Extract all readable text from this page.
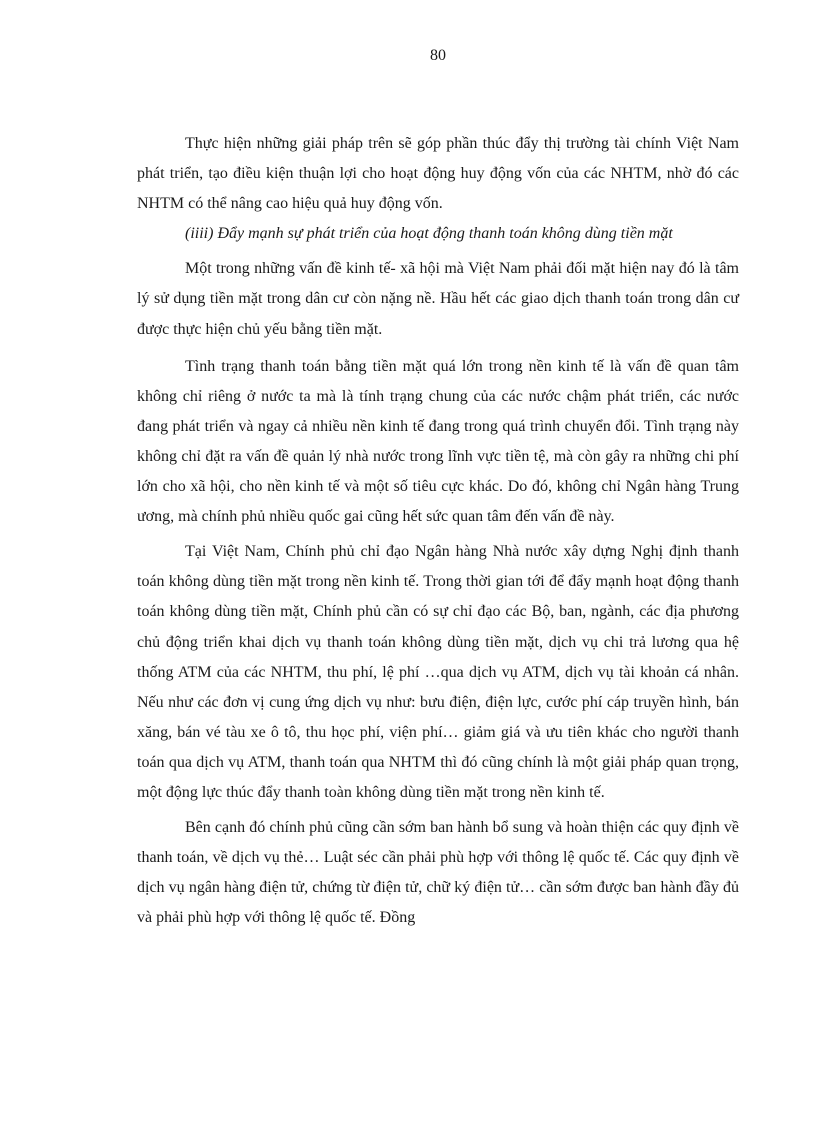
80

Thực hiện những giải pháp trên sẽ góp phần thúc đẩy thị trường tài chính Việt Nam phát triển, tạo điều kiện thuận lợi cho hoạt động huy động vốn của các NHTM, nhờ đó các NHTM có thể nâng cao hiệu quả huy động vốn.

(iiii) Đẩy mạnh sự phát triển của hoạt động thanh toán không dùng tiền mặt

Một trong những vấn đề kinh tế- xã hội mà Việt Nam phải đối mặt hiện nay đó là tâm lý sử dụng tiền mặt trong dân cư còn nặng nề. Hầu hết các giao dịch thanh toán trong dân cư được thực hiện chủ yếu bằng tiền mặt.

Tình trạng thanh toán bằng tiền mặt quá lớn trong nền kinh tế là vấn đề quan tâm không chỉ riêng ở nước ta mà là tính trạng chung của các nước chậm phát triển, các nước đang phát triển và ngay cả nhiều nền kinh tế đang trong quá trình chuyển đổi. Tình trạng này không chỉ đặt ra vấn đề quản lý nhà nước trong lĩnh vực tiền tệ, mà còn gây ra những chi phí lớn cho xã hội, cho nền kinh tế và một số tiêu cực khác. Do đó, không chỉ Ngân hàng Trung ương, mà chính phủ nhiều quốc gai cũng hết sức quan tâm đến vấn đề này.

Tại Việt Nam, Chính phủ chỉ đạo Ngân hàng Nhà nước xây dựng Nghị định thanh toán không dùng tiền mặt trong nền kinh tế. Trong thời gian tới để đẩy mạnh hoạt động thanh toán không dùng tiền mặt, Chính phủ cần có sự chỉ đạo các Bộ, ban, ngành, các địa phương chủ động triển khai dịch vụ thanh toán không dùng tiền mặt, dịch vụ chi trả lương qua hệ thống ATM của các NHTM, thu phí, lệ phí …qua dịch vụ ATM, dịch vụ tài khoản cá nhân. Nếu như các đơn vị cung ứng dịch vụ như: bưu điện, điện lực, cước phí cáp truyền hình, bán xăng, bán vé tàu xe ô tô, thu học phí, viện phí… giảm giá và ưu tiên khác cho người thanh toán qua dịch vụ ATM, thanh toán qua NHTM thì đó cũng chính là một giải pháp quan trọng, một động lực thúc đẩy thanh toàn không dùng tiền mặt trong nền kinh tế.

Bên cạnh đó chính phủ cũng cần sớm ban hành bổ sung và hoàn thiện các quy định về thanh toán, về dịch vụ thẻ… Luật séc cần phải phù hợp với thông lệ quốc tế. Các quy định về dịch vụ ngân hàng điện tử, chứng từ điện tử, chữ ký điện tử… cần sớm được ban hành đầy đủ và phải phù hợp với thông lệ quốc tế. Đồng
